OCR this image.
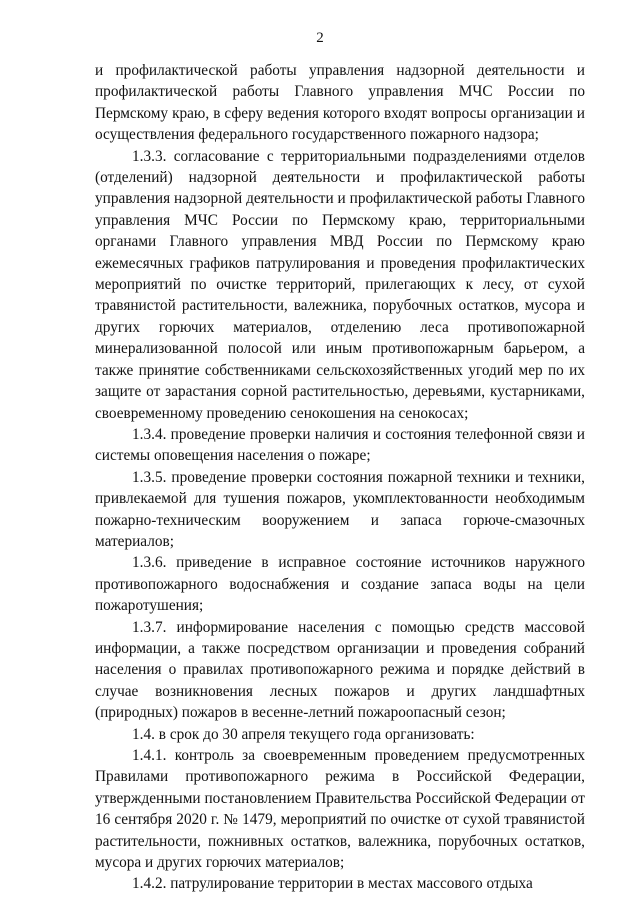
2

и профилактической работы управления надзорной деятельности и профилактической работы Главного управления МЧС России по Пермскому краю, в сферу ведения которого входят вопросы организации и осуществления федерального государственного пожарного надзора;

1.3.3. согласование с территориальными подразделениями отделов (отделений) надзорной деятельности и профилактической работы управления надзорной деятельности и профилактической работы Главного управления МЧС России по Пермскому краю, территориальными органами Главного управления МВД России по Пермскому краю ежемесячных графиков патрулирования и проведения профилактических мероприятий по очистке территорий, прилегающих к лесу, от сухой травянистой растительности, валежника, порубочных остатков, мусора и других горючих материалов, отделению леса противопожарной минерализованной полосой или иным противопожарным барьером, а также принятие собственниками сельскохозяйственных угодий мер по их защите от зарастания сорной растительностью, деревьями, кустарниками, своевременному проведению сенокошения на сенокосах;

1.3.4. проведение проверки наличия и состояния телефонной связи и системы оповещения населения о пожаре;

1.3.5. проведение проверки состояния пожарной техники и техники, привлекаемой для тушения пожаров, укомплектованности необходимым пожарно-техническим вооружением и запаса горюче-смазочных материалов;

1.3.6. приведение в исправное состояние источников наружного противопожарного водоснабжения и создание запаса воды на цели пожаротушения;

1.3.7. информирование населения с помощью средств массовой информации, а также посредством организации и проведения собраний населения о правилах противопожарного режима и порядке действий в случае возникновения лесных пожаров и других ландшафтных (природных) пожаров в весенне-летний пожароопасный сезон;

1.4. в срок до 30 апреля текущего года организовать:

1.4.1. контроль за своевременным проведением предусмотренных Правилами противопожарного режима в Российской Федерации, утвержденными постановлением Правительства Российской Федерации от 16 сентября 2020 г. № 1479, мероприятий по очистке от сухой травянистой растительности, пожнивных остатков, валежника, порубочных остатков, мусора и других горючих материалов;

1.4.2. патрулирование территории в местах массового отдыха
